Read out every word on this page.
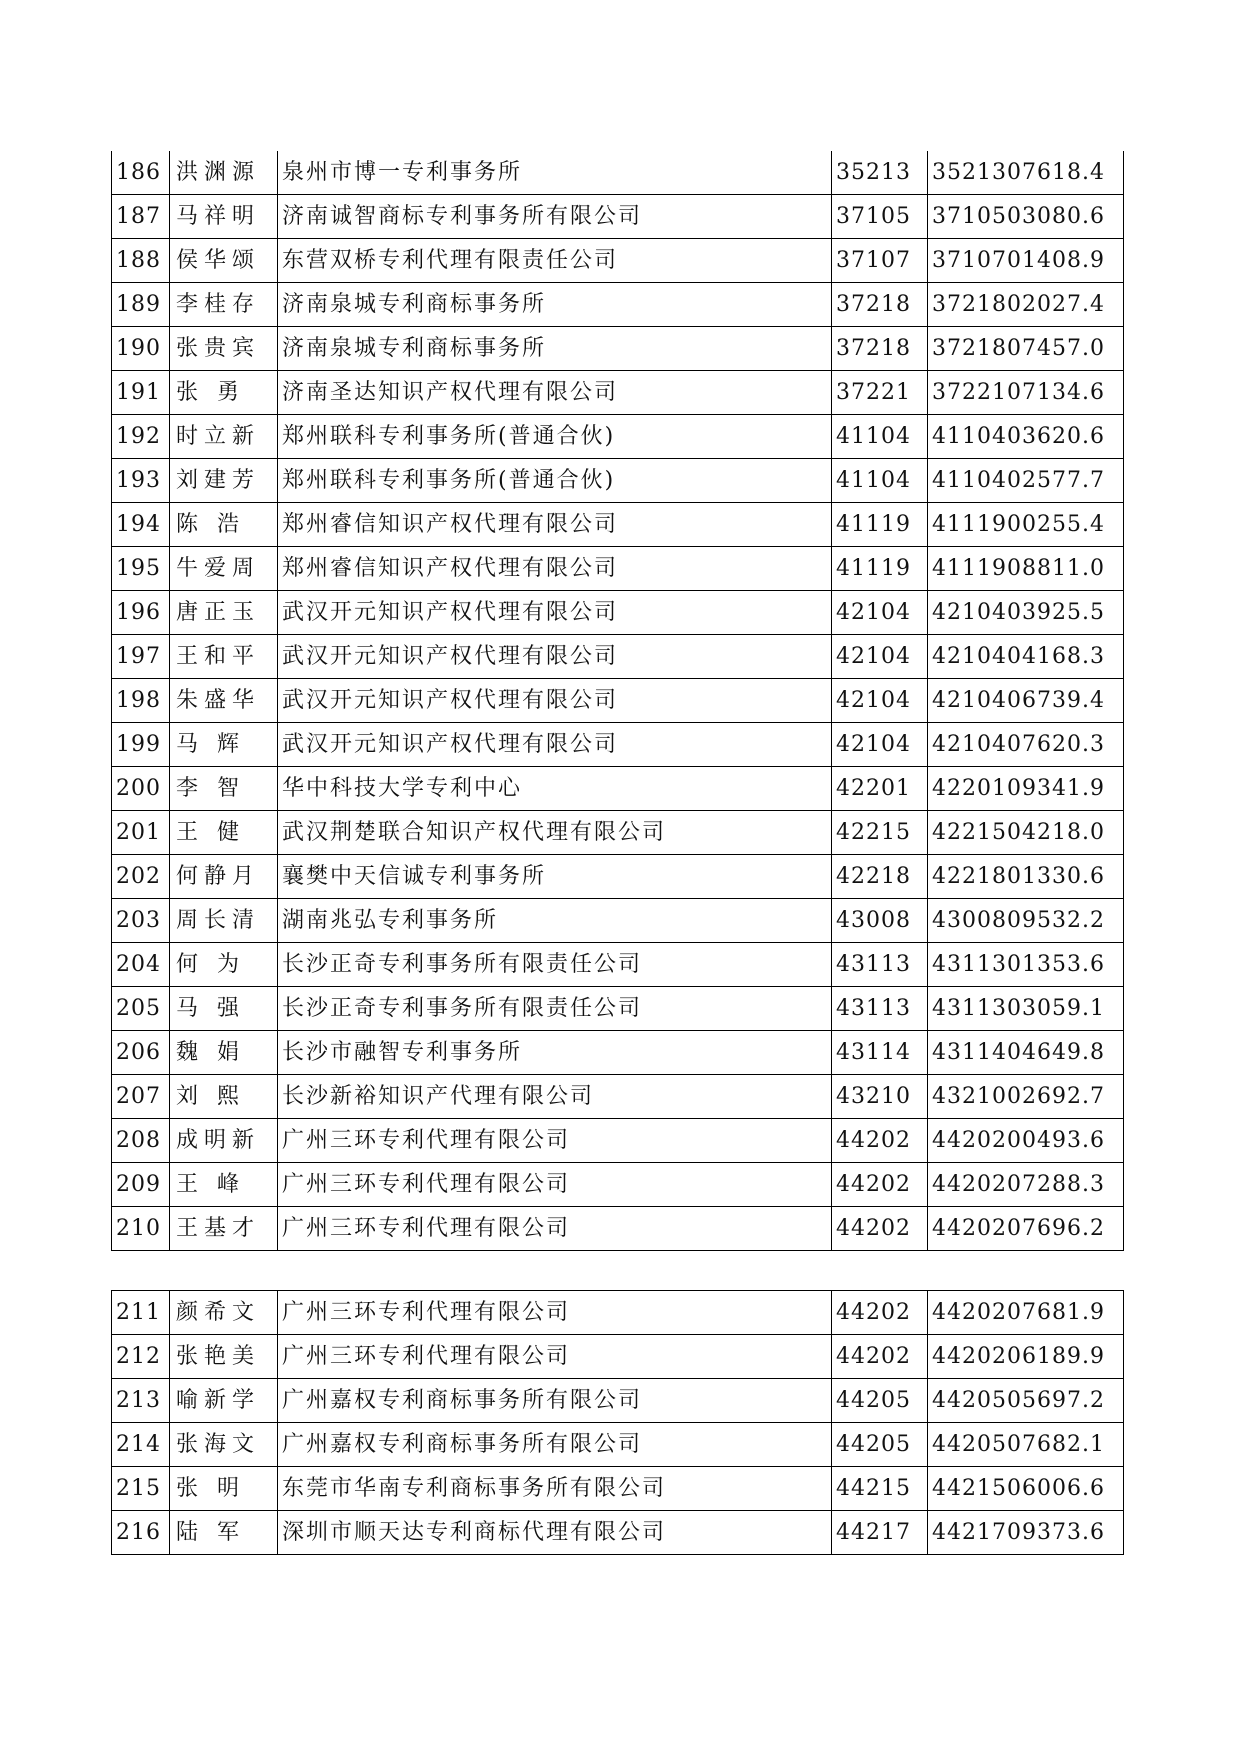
186	洪渊源	泉州市博一专利事务所	35213	3521307618.4
187	马祥明	济南诚智商标专利事务所有限公司	37105	3710503080.6
188	侯华颂	东营双桥专利代理有限责任公司	37107	3710701408.9
189	李桂存	济南泉城专利商标事务所	37218	3721802027.4
190	张贵宾	济南泉城专利商标事务所	37218	3721807457.0
191	张 勇	济南圣达知识产权代理有限公司	37221	3722107134.6
192	时立新	郑州联科专利事务所(普通合伙)	41104	4110403620.6
193	刘建芳	郑州联科专利事务所(普通合伙)	41104	4110402577.7
194	陈 浩	郑州睿信知识产权代理有限公司	41119	4111900255.4
195	牛爱周	郑州睿信知识产权代理有限公司	41119	4111908811.0
196	唐正玉	武汉开元知识产权代理有限公司	42104	4210403925.5
197	王和平	武汉开元知识产权代理有限公司	42104	4210404168.3
198	朱盛华	武汉开元知识产权代理有限公司	42104	4210406739.4
199	马 辉	武汉开元知识产权代理有限公司	42104	4210407620.3
200	李 智	华中科技大学专利中心	42201	4220109341.9
201	王 健	武汉荆楚联合知识产权代理有限公司	42215	4221504218.0
202	何静月	襄樊中天信诚专利事务所	42218	4221801330.6
203	周长清	湖南兆弘专利事务所	43008	4300809532.2
204	何 为	长沙正奇专利事务所有限责任公司	43113	4311301353.6
205	马 强	长沙正奇专利事务所有限责任公司	43113	4311303059.1
206	魏 娟	长沙市融智专利事务所	43114	4311404649.8
207	刘 熙	长沙新裕知识产代理有限公司	43210	4321002692.7
208	成明新	广州三环专利代理有限公司	44202	4420200493.6
209	王 峰	广州三环专利代理有限公司	44202	4420207288.3
210	王基才	广州三环专利代理有限公司	44202	4420207696.2
211	颜希文	广州三环专利代理有限公司	44202	4420207681.9
212	张艳美	广州三环专利代理有限公司	44202	4420206189.9
213	喻新学	广州嘉权专利商标事务所有限公司	44205	4420505697.2
214	张海文	广州嘉权专利商标事务所有限公司	44205	4420507682.1
215	张 明	东莞市华南专利商标事务所有限公司	44215	4421506006.6
216	陆 军	深圳市顺天达专利商标代理有限公司	44217	4421709373.6
